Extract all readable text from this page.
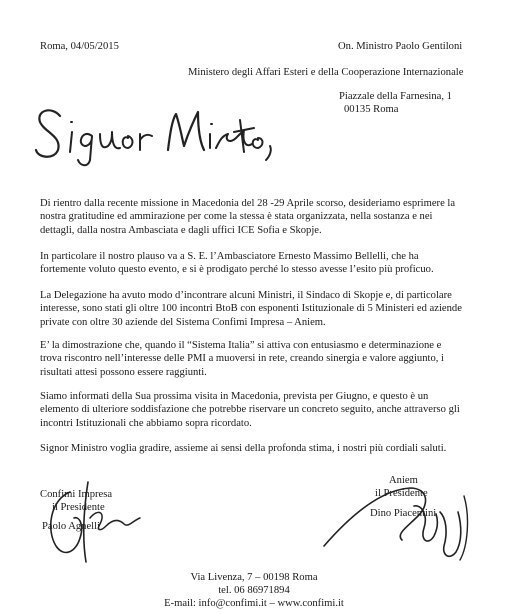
Roma, 04/05/2015	On. Ministro Paolo Gentiloni
Ministero degli Affari Esteri e della Cooperazione Internazionale
Piazzale della Farnesina, 1
00135 Roma
Di rientro dalla recente missione in Macedonia del 28 -29 Aprile scorso, desideriamo esprimere la
nostra gratitudine ed ammirazione per come la stessa è stata organizzata, nella sostanza e nei
dettagli, dalla nostra Ambasciata e dagli uffici ICE Sofia e Skopje.
In particolare il nostro plauso va a S. E. l’Ambasciatore Ernesto Massimo Bellelli, che ha
fortemente voluto questo evento, e si è prodigato perché lo stesso avesse l’esito più proficuo.
La Delegazione ha avuto modo d’incontrare alcuni Ministri, il Sindaco di Skopje e, di particolare
interesse, sono stati gli oltre 100 incontri BtoB con esponenti Istituzionale di 5 Ministeri ed aziende
private con oltre 30 aziende del Sistema Confimi Impresa – Aniem.
E’ la dimostrazione che, quando il “Sistema Italia” si attiva con entusiasmo e determinazione e
trova riscontro nell’interesse delle PMI a muoversi in rete, creando sinergia e valore aggiunto, i
risultati attesi possono essere raggiunti.
Siamo informati della Sua prossima visita in Macedonia, prevista per Giugno, e questo è un
elemento di ulteriore soddisfazione che potrebbe riservare un concreto seguito, anche attraverso gli
incontri Istituzionali che abbiamo sopra ricordato.
Signor Ministro voglia gradire, assieme ai sensi della profonda stima, i nostri più cordiali saluti.
Confimi Impresa
il Presidente
Paolo Agnelli
Aniem
il Presidente
Dino Piacentini
Via Livenza, 7 – 00198 Roma
tel. 06 86971894
E-mail: info@confimi.it – www.confimi.it
